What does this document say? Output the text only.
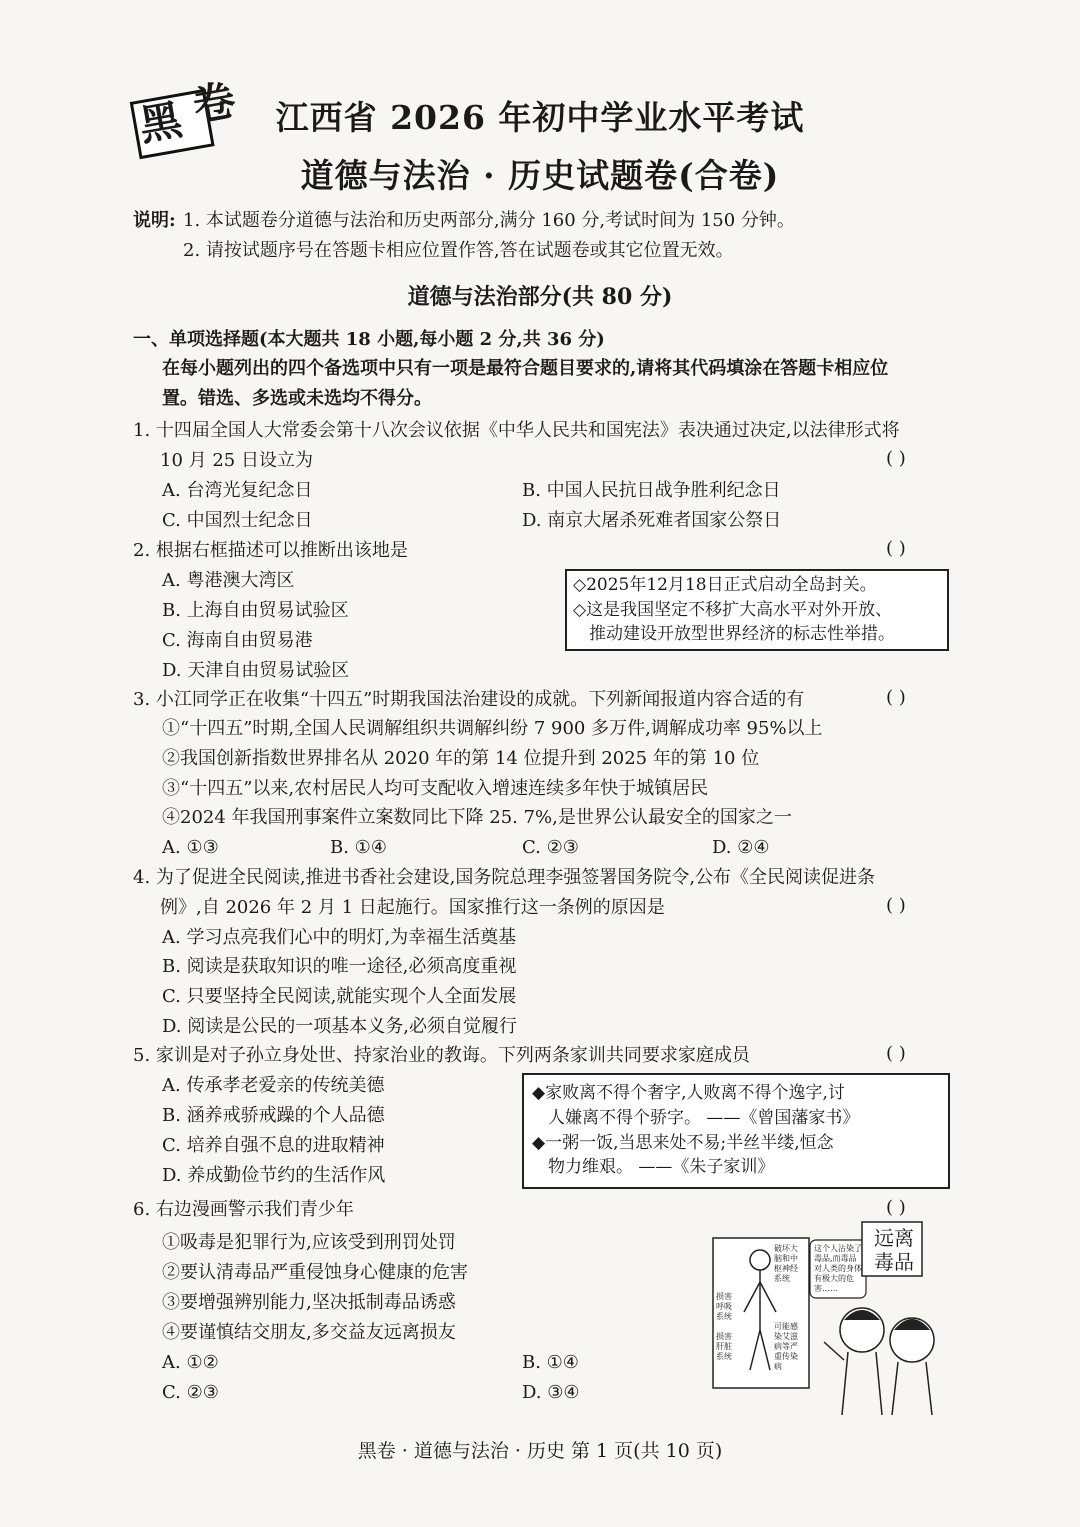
黑 卷	江西省 2026 年初中学业水平考试
道德与法治 · 历史试题卷(合卷)
说明: 1. 本试题卷分道德与法治和历史两部分,满分 160 分,考试时间为 150 分钟。
2. 请按试题序号在答题卡相应位置作答,答在试题卷或其它位置无效。
道德与法治部分(共 80 分)
一、单项选择题(本大题共 18 小题,每小题 2 分,共 36 分)
在每小题列出的四个备选项中只有一项是最符合题目要求的,请将其代码填涂在答题卡相应位
置。错选、多选或未选均不得分。
1. 十四届全国人大常委会第十八次会议依据《中华人民共和国宪法》表决通过决定,以法律形式将
10 月 25 日设立为	( )
A. 台湾光复纪念日	B. 中国人民抗日战争胜利纪念日
C. 中国烈士纪念日	D. 南京大屠杀死难者国家公祭日
2. 根据右框描述可以推断出该地是	( )
A. 粤港澳大湾区
B. 上海自由贸易试验区
C. 海南自由贸易港
D. 天津自由贸易试验区
◇2025年12月18日正式启动全岛封关。
◇这是我国坚定不移扩大高水平对外开放、
推动建设开放型世界经济的标志性举措。
3. 小江同学正在收集“十四五”时期我国法治建设的成就。下列新闻报道内容合适的有	( )
①“十四五”时期,全国人民调解组织共调解纠纷 7 900 多万件,调解成功率 95%以上
②我国创新指数世界排名从 2020 年的第 14 位提升到 2025 年的第 10 位
③“十四五”以来,农村居民人均可支配收入增速连续多年快于城镇居民
④2024 年我国刑事案件立案数同比下降 25. 7%,是世界公认最安全的国家之一
A. ①③	B. ①④	C. ②③	D. ②④
4. 为了促进全民阅读,推进书香社会建设,国务院总理李强签署国务院令,公布《全民阅读促进条
例》,自 2026 年 2 月 1 日起施行。国家推行这一条例的原因是	( )
A. 学习点亮我们心中的明灯,为幸福生活奠基
B. 阅读是获取知识的唯一途径,必须高度重视
C. 只要坚持全民阅读,就能实现个人全面发展
D. 阅读是公民的一项基本义务,必须自觉履行
5. 家训是对子孙立身处世、持家治业的教诲。下列两条家训共同要求家庭成员	( )
A. 传承孝老爱亲的传统美德
B. 涵养戒骄戒躁的个人品德
C. 培养自强不息的进取精神
D. 养成勤俭节约的生活作风
◆家败离不得个奢字,人败离不得个逸字,讨
人嫌离不得个骄字。 ——《曾国藩家书》
◆一粥一饭,当思来处不易;半丝半缕,恒念
物力维艰。 ——《朱子家训》
6. 右边漫画警示我们青少年	( )
①吸毒是犯罪行为,应该受到刑罚处罚
②要认清毒品严重侵蚀身心健康的危害
③要增强辨别能力,坚决抵制毒品诱惑
④要谨慎结交朋友,多交益友远离损友
A. ①②	B. ①④
C. ②③	D. ③④
损害呼吸系统
损害肝脏系统
破坏大脑和中枢神经系统
可能感染艾滋病等严重传染病
这个人沾染了毒品,而毒品对人类的身体有极大的危害……
远离毒品
黑卷 · 道德与法治 · 历史 第 1 页(共 10 页)
